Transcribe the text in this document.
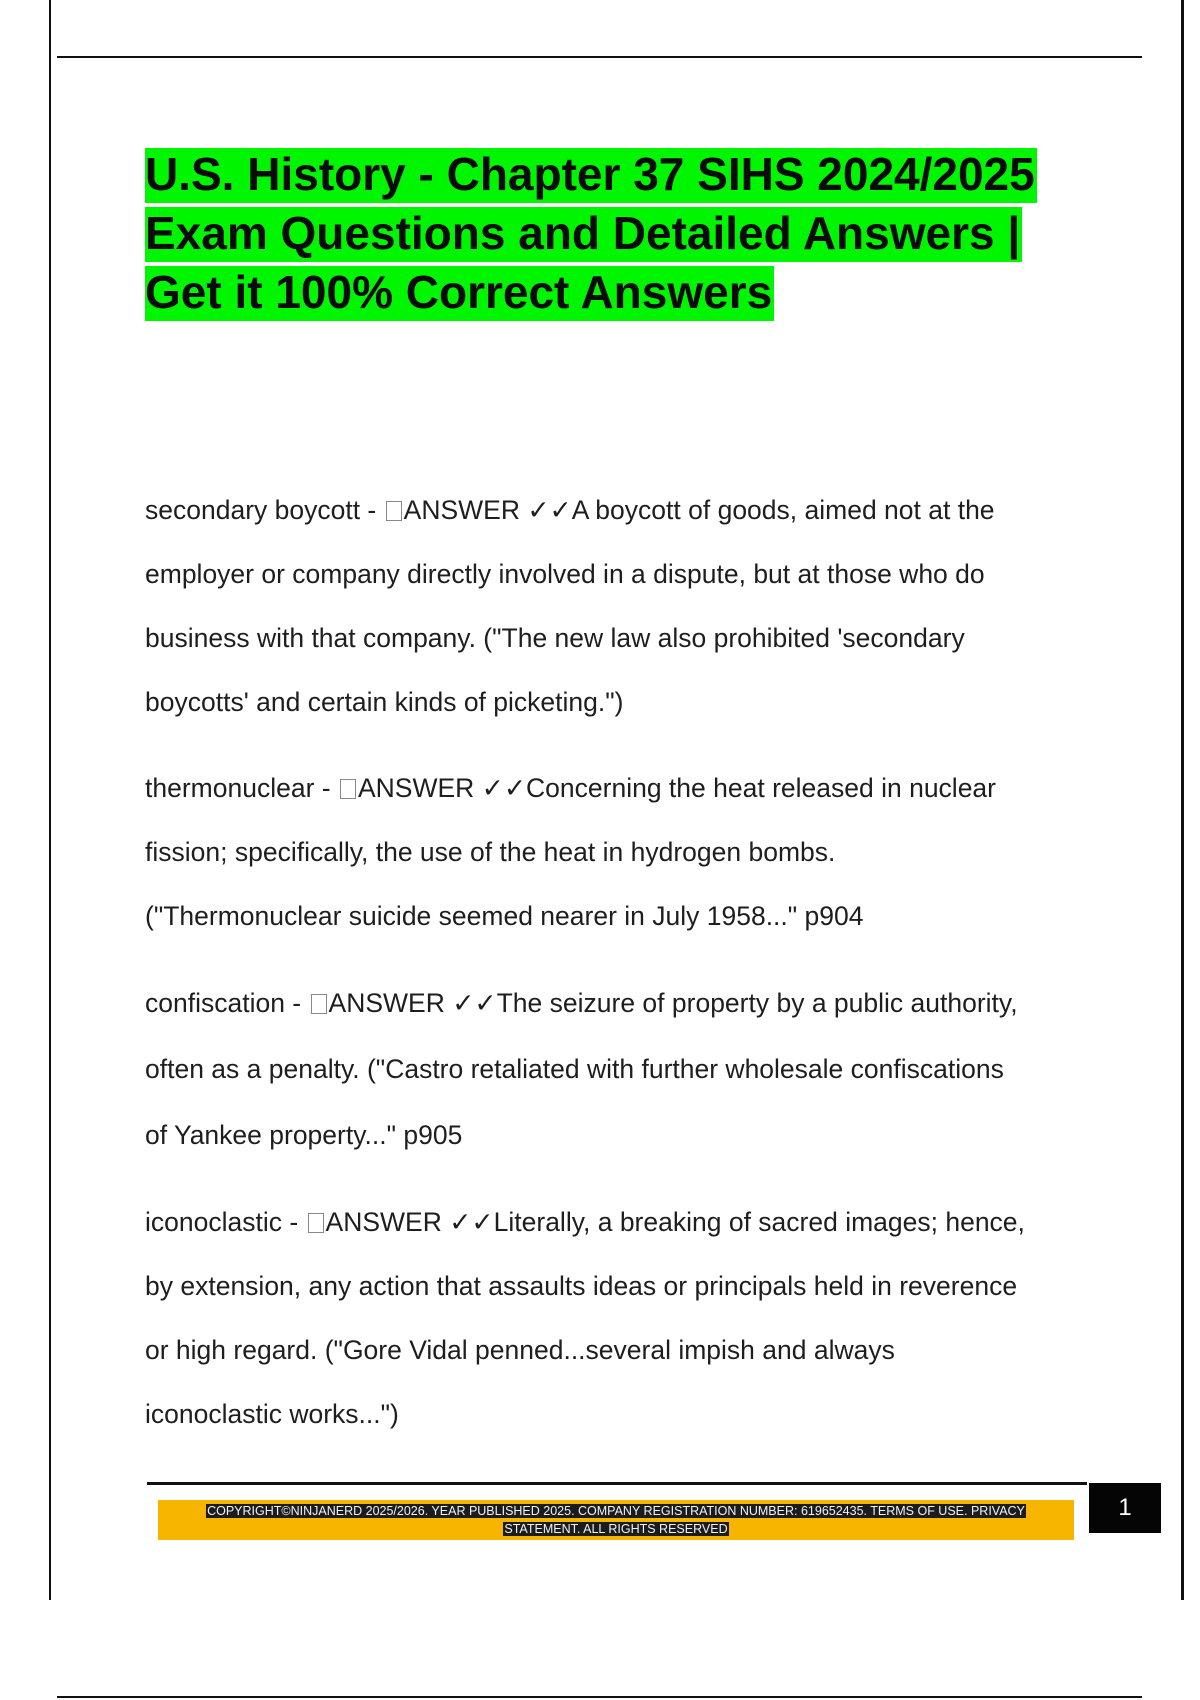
U.S. History - Chapter 37 SIHS 2024/2025
Exam Questions and Detailed Answers |
Get it 100% Correct Answers
secondary boycott - ANSWER ✓✓A boycott of goods, aimed not at the
employer or company directly involved in a dispute, but at those who do
business with that company. ("The new law also prohibited 'secondary
boycotts' and certain kinds of picketing.")
thermonuclear - ANSWER ✓✓Concerning the heat released in nuclear
fission; specifically, the use of the heat in hydrogen bombs.
("Thermonuclear suicide seemed nearer in July 1958..." p904
confiscation - ANSWER ✓✓The seizure of property by a public authority,
often as a penalty. ("Castro retaliated with further wholesale confiscations
of Yankee property..." p905
iconoclastic - ANSWER ✓✓Literally, a breaking of sacred images; hence,
by extension, any action that assaults ideas or principals held in reverence
or high regard. ("Gore Vidal penned...several impish and always
iconoclastic works...")
COPYRIGHT©NINJANERD 2025/2026. YEAR PUBLISHED 2025. COMPANY REGISTRATION NUMBER: 619652435. TERMS OF USE. PRIVACY
STATEMENT. ALL RIGHTS RESERVED
1
